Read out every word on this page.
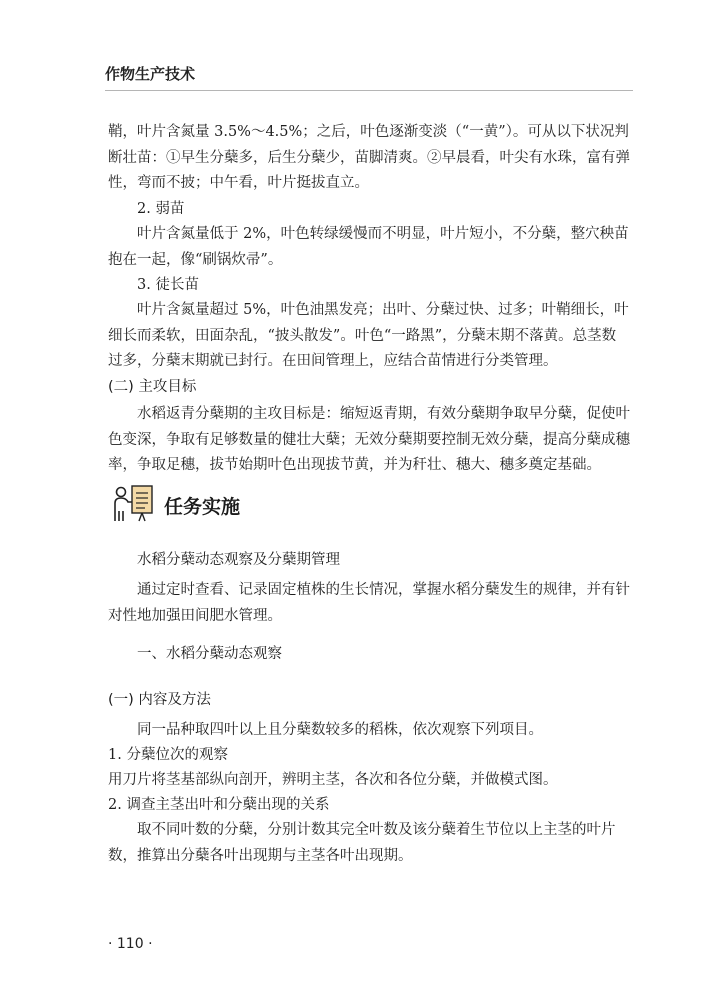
作物生产技术

鞘，叶片含氮量 3.5%～4.5%；之后，叶色逐渐变淡（“一黄”）。可从以下状况判断壮苗：①早生分蘖多，后生分蘖少，苗脚清爽。②早晨看，叶尖有水珠，富有弹性，弯而不披；中午看，叶片挺拔直立。

2. 弱苗

叶片含氮量低于 2%，叶色转绿缓慢而不明显，叶片短小，不分蘖，整穴秧苗抱在一起，像“刷锅炊帚”。

3. 徒长苗

叶片含氮量超过 5%，叶色油黑发亮；出叶、分蘖过快、过多；叶鞘细长，叶细长而柔软，田面杂乱，“披头散发”。叶色“一路黑”，分蘖末期不落黄。总茎数过多，分蘖末期就已封行。在田间管理上，应结合苗情进行分类管理。

(二) 主攻目标

水稻返青分蘖期的主攻目标是：缩短返青期，有效分蘖期争取早分蘖，促使叶色变深，争取有足够数量的健壮大蘖；无效分蘖期要控制无效分蘖，提高分蘖成穗率，争取足穗，拔节始期叶色出现拔节黄，并为秆壮、穗大、穗多奠定基础。

任务实施

水稻分蘖动态观察及分蘖期管理

通过定时查看、记录固定植株的生长情况，掌握水稻分蘖发生的规律，并有针对性地加强田间肥水管理。

一、水稻分蘖动态观察

(一) 内容及方法

同一品种取四叶以上且分蘖数较多的稻株，依次观察下列项目。

1. 分蘖位次的观察

用刀片将茎基部纵向剖开，辨明主茎，各次和各位分蘖，并做模式图。

2. 调查主茎出叶和分蘖出现的关系

取不同叶数的分蘖，分别计数其完全叶数及该分蘖着生节位以上主茎的叶片数，推算出分蘖各叶出现期与主茎各叶出现期。

· 110 ·
